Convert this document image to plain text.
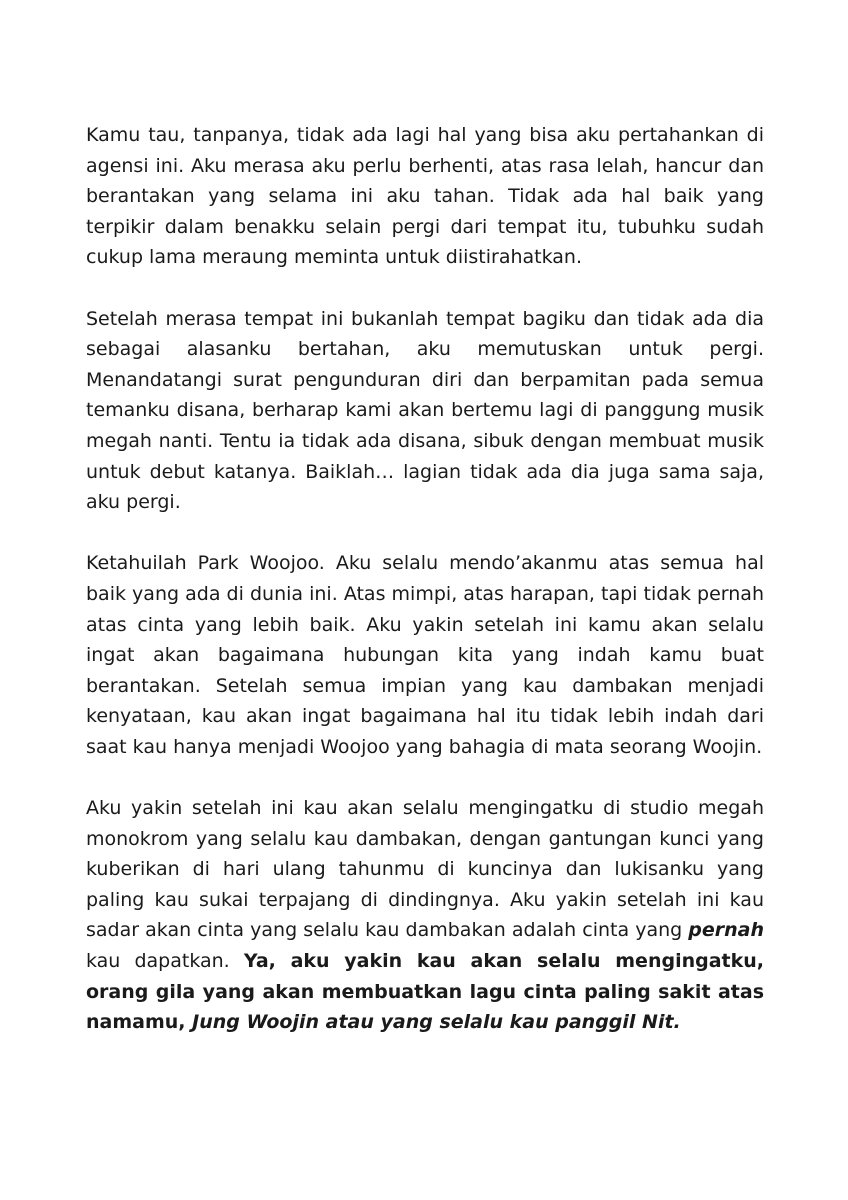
Kamu tau, tanpanya, tidak ada lagi hal yang bisa aku pertahankan di agensi ini. Aku merasa aku perlu berhenti, atas rasa lelah, hancur dan berantakan yang selama ini aku tahan. Tidak ada hal baik yang terpikir dalam benakku selain pergi dari tempat itu, tubuhku sudah cukup lama meraung meminta untuk diistirahatkan.

Setelah merasa tempat ini bukanlah tempat bagiku dan tidak ada dia sebagai alasanku bertahan, aku memutuskan untuk pergi. Menandatangi surat pengunduran diri dan berpamitan pada semua temanku disana, berharap kami akan bertemu lagi di panggung musik megah nanti. Tentu ia tidak ada disana, sibuk dengan membuat musik untuk debut katanya. Baiklah… lagian tidak ada dia juga sama saja, aku pergi.

Ketahuilah Park Woojoo. Aku selalu mendo’akanmu atas semua hal baik yang ada di dunia ini. Atas mimpi, atas harapan, tapi tidak pernah atas cinta yang lebih baik. Aku yakin setelah ini kamu akan selalu ingat akan bagaimana hubungan kita yang indah kamu buat berantakan. Setelah semua impian yang kau dambakan menjadi kenyataan, kau akan ingat bagaimana hal itu tidak lebih indah dari saat kau hanya menjadi Woojoo yang bahagia di mata seorang Woojin.

Aku yakin setelah ini kau akan selalu mengingatku di studio megah monokrom yang selalu kau dambakan, dengan gantungan kunci yang kuberikan di hari ulang tahunmu di kuncinya dan lukisanku yang paling kau sukai terpajang di dindingnya. Aku yakin setelah ini kau sadar akan cinta yang selalu kau dambakan adalah cinta yang pernah kau dapatkan. Ya, aku yakin kau akan selalu mengingatku, orang gila yang akan membuatkan lagu cinta paling sakit atas namamu, Jung Woojin atau yang selalu kau panggil Nit.
